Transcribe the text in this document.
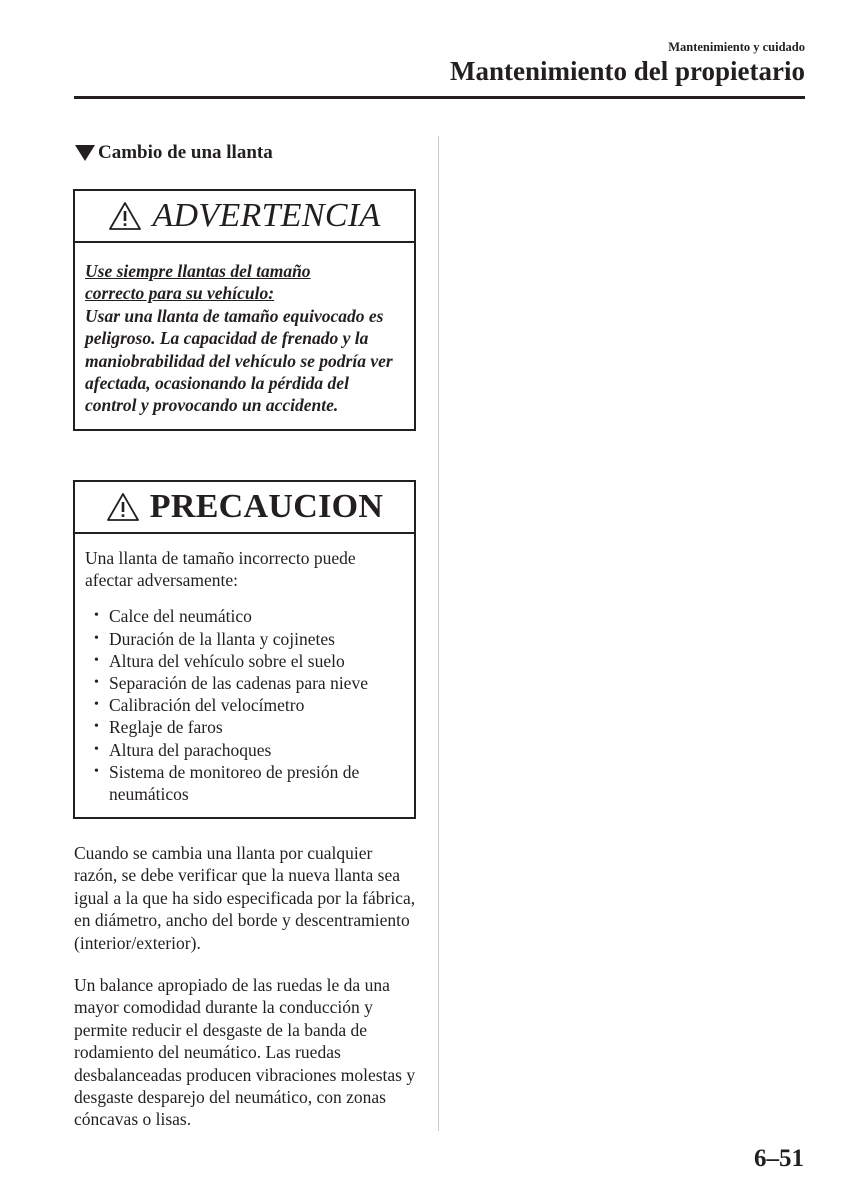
Mantenimiento y cuidado
Mantenimiento del propietario
Cambio de una llanta
ADVERTENCIA
Use siempre llantas del tamaño
correcto para su vehículo:
Usar una llanta de tamaño equivocado es peligroso. La capacidad de frenado y la maniobrabilidad del vehículo se podría ver afectada, ocasionando la pérdida del control y provocando un accidente.
PRECAUCION
Una llanta de tamaño incorrecto puede afectar adversamente:
• Calce del neumático
• Duración de la llanta y cojinetes
• Altura del vehículo sobre el suelo
• Separación de las cadenas para nieve
• Calibración del velocímetro
• Reglaje de faros
• Altura del parachoques
• Sistema de monitoreo de presión de neumáticos
Cuando se cambia una llanta por cualquier razón, se debe verificar que la nueva llanta sea igual a la que ha sido especificada por la fábrica, en diámetro, ancho del borde y descentramiento (interior/exterior).
Un balance apropiado de las ruedas le da una mayor comodidad durante la conducción y permite reducir el desgaste de la banda de rodamiento del neumático. Las ruedas desbalanceadas producen vibraciones molestas y desgaste desparejo del neumático, con zonas cóncavas o lisas.
6–51
